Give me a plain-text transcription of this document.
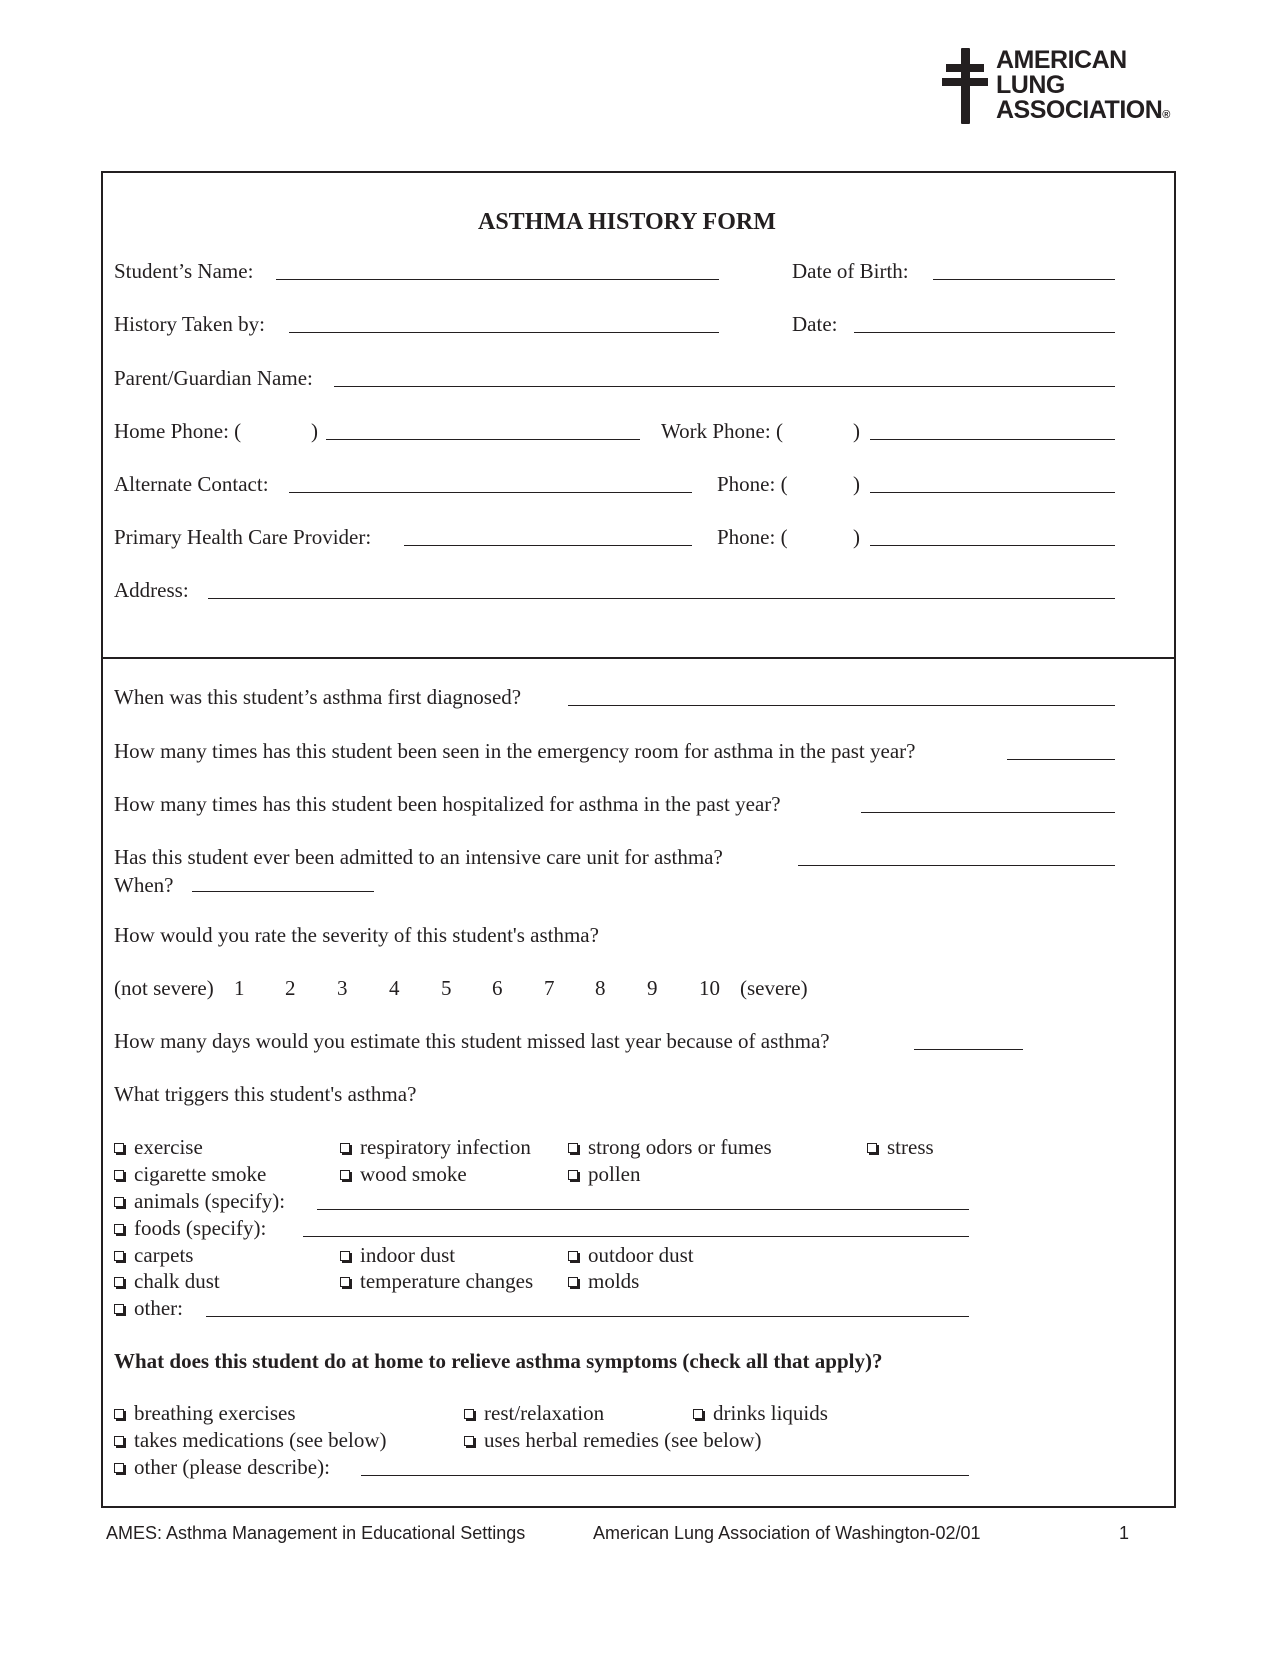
AMERICAN
LUNG
ASSOCIATION®
ASTHMA HISTORY FORM
Student’s Name:	Date of Birth:
History Taken by:	Date:
Parent/Guardian Name:
Home Phone: (	)	Work Phone: (	)
Alternate Contact:	Phone: (	)
Primary Health Care Provider:	Phone: (	)
Address:
When was this student’s asthma first diagnosed?
How many times has this student been seen in the emergency room for asthma in the past year?
How many times has this student been hospitalized for asthma in the past year?
Has this student ever been admitted to an intensive care unit for asthma?
When?
How would you rate the severity of this student's asthma?
(not severe) 1 2 3 4 5 6 7 8 9 10 (severe)
How many days would you estimate this student missed last year because of asthma?
What triggers this student's asthma?
exercise	respiratory infection	strong odors or fumes	stress
cigarette smoke	wood smoke	pollen
animals (specify):
foods (specify):
carpets	indoor dust	outdoor dust
chalk dust	temperature changes	molds
other:
What does this student do at home to relieve asthma symptoms (check all that apply)?
breathing exercises	rest/relaxation	drinks liquids
takes medications (see below)	uses herbal remedies (see below)
other (please describe):
AMES: Asthma Management in Educational Settings	American Lung Association of Washington-02/01	1
